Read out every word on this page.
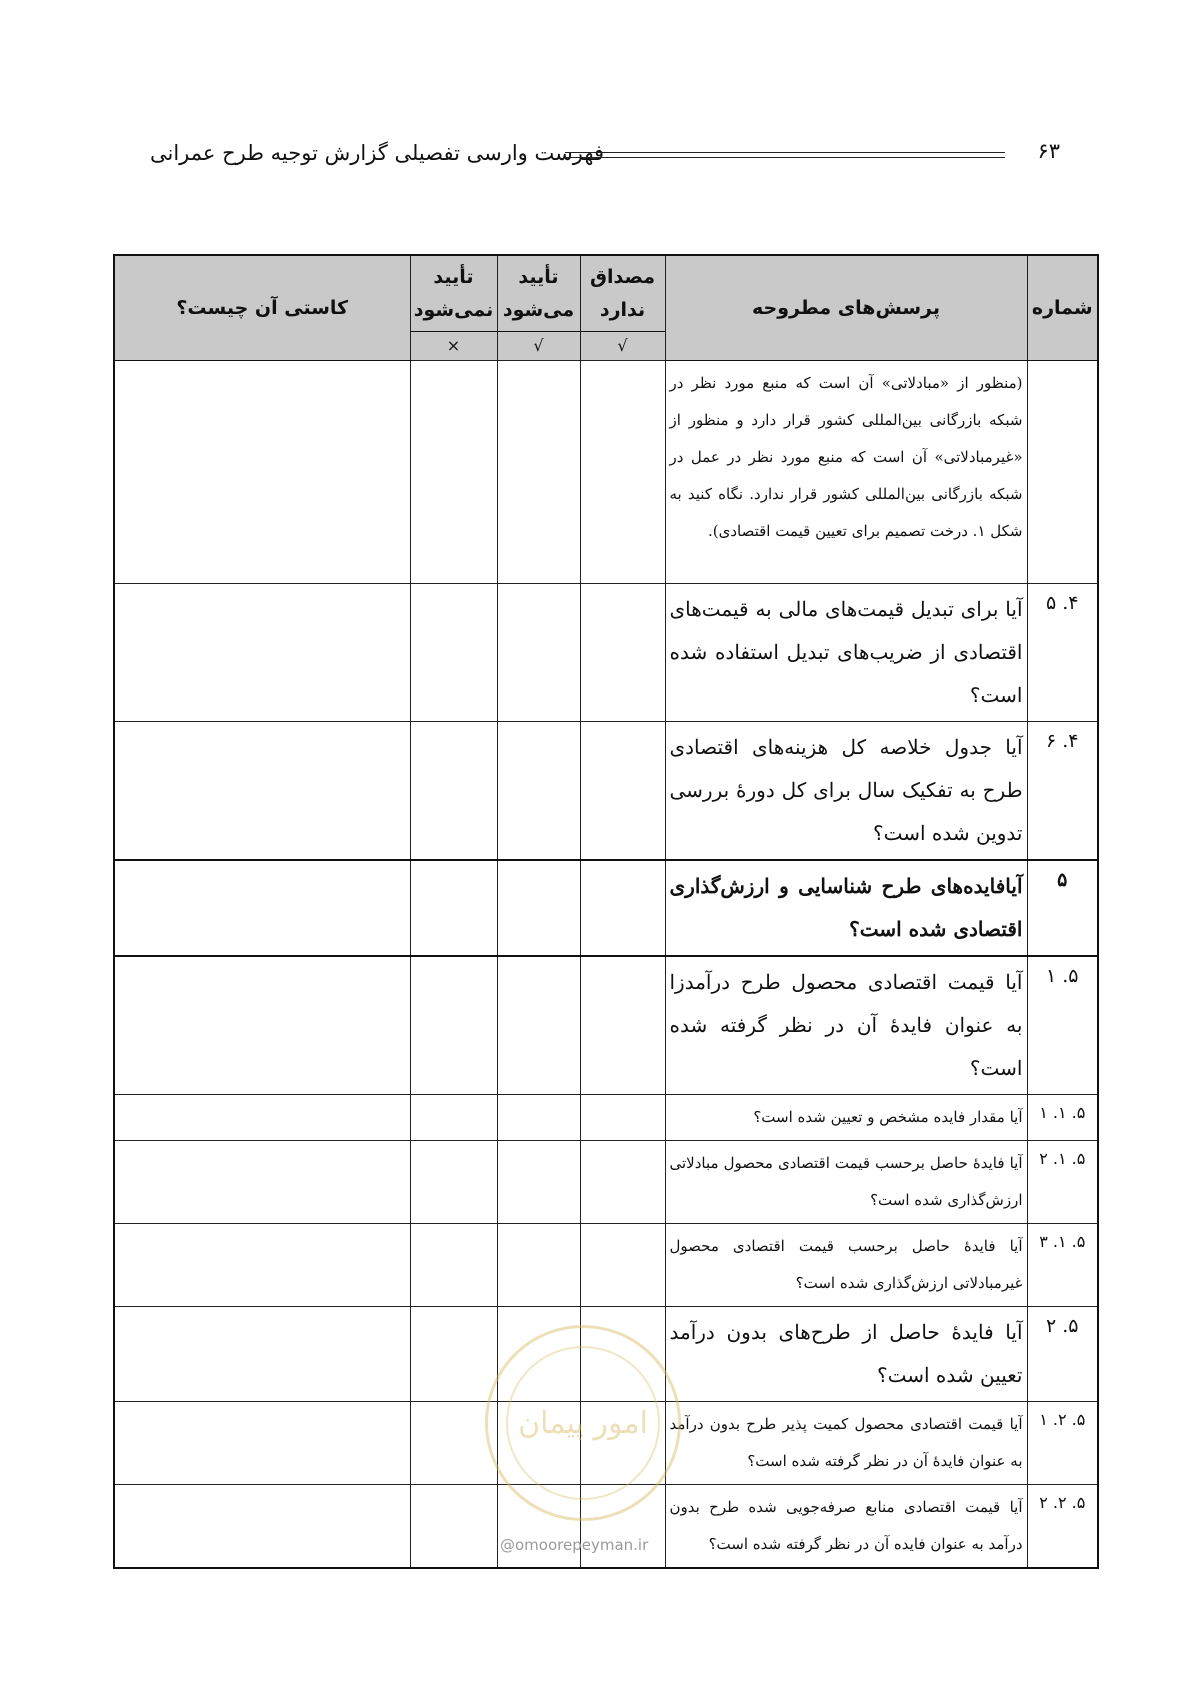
فهرست وارسی تفصیلی گزارش توجیه طرح عمرانی	۶۳
شماره	پرسش‌های مطروحه	مصداق ندارد	تأیید می‌شود	تأیید نمی‌شود	کاستی آن چیست؟
		√	√	×	
	(منظور از «مبادلاتی» آن است که منبع مورد نظر در شبکه بازرگانی بین‌المللی کشور قرار دارد و منظور از «غیرمبادلاتی» آن است که منبع مورد نظر در عمل در شبکه بازرگانی بین‌المللی کشور قرار ندارد. نگاه کنید به شکل ۱. درخت تصمیم برای تعیین قیمت اقتصادی).				
۴. ۵	آیا برای تبدیل قیمت‌های مالی به قیمت‌های اقتصادی از ضریب‌های تبدیل استفاده شده است؟				
۴. ۶	آیا جدول خلاصه کل هزینه‌های اقتصادی طرح به تفکیک سال برای کل دورۀ بررسی تدوین شده است؟				
۵	آیافایده‌های طرح شناسایی و ارزش‌گذاری اقتصادی شده است؟				
۵. ۱	آیا قیمت اقتصادی محصول طرح درآمدزا به عنوان فایدۀ آن در نظر گرفته شده است؟				
۵. ۱. ۱	آیا مقدار فایده مشخص و تعیین شده است؟				
۵. ۱. ۲	آیا فایدۀ حاصل برحسب قیمت اقتصادی محصول مبادلاتی ارزش‌گذاری شده است؟				
۵. ۱. ۳	آیا فایدۀ حاصل برحسب قیمت اقتصادی محصول غیرمبادلاتی ارزش‌گذاری شده است؟				
۵. ۲	آیا فایدۀ حاصل از طرح‌های بدون درآمد تعیین شده است؟				
۵. ۲. ۱	آیا قیمت اقتصادی محصول کمیت پذیر طرح بدون درآمد به عنوان فایدۀ آن در نظر گرفته شده است؟				
۵. ۲. ۲	آیا قیمت اقتصادی منابع صرفه‌جویی شده طرح بدون درآمد به عنوان فایده آن در نظر گرفته شده است؟				
امور پیمان
@omoorepeyman.ir
